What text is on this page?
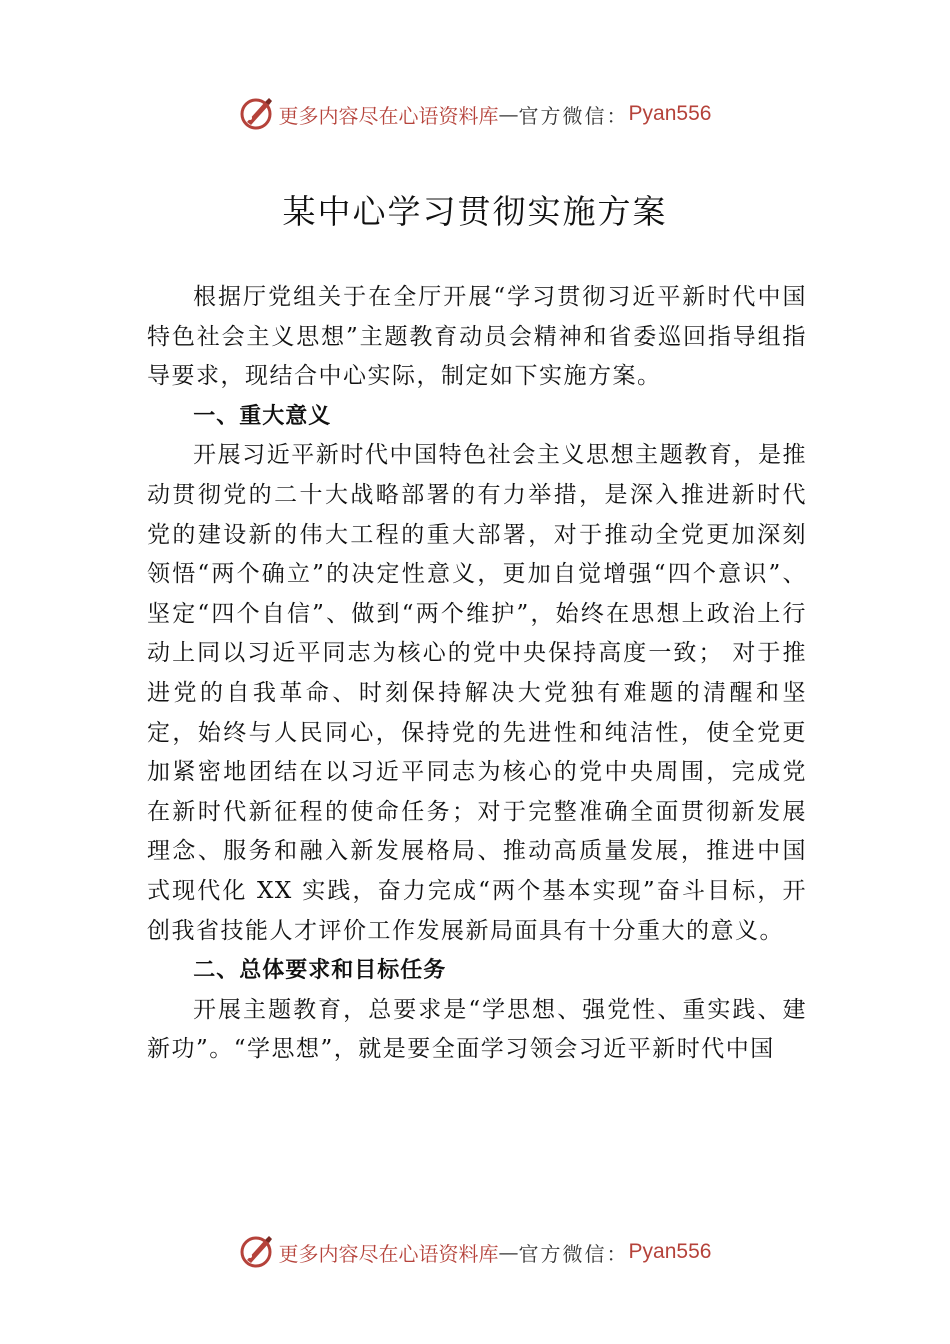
更多内容尽在心语资料库 — 官方微信： Pyan556
某中心学习贯彻实施方案

根据厅党组关于在全厅开展“学习贯彻习近平新时代中国特色社会主义思想”主题教育动员会精神和省委巡回指导组指导要求，现结合中心实际，制定如下实施方案。

一、重大意义

开展习近平新时代中国特色社会主义思想主题教育，是推动贯彻党的二十大战略部署的有力举措，是深入推进新时代党的建设新的伟大工程的重大部署，对于推动全党更加深刻领悟“两个确立”的决定性意义，更加自觉增强“四个意识”、坚定“四个自信”、做到“两个维护”，始终在思想上政治上行动上同以习近平同志为核心的党中央保持高度一致； 对于推进党的自我革命、时刻保持解决大党独有难题的清醒和坚定，始终与人民同心，保持党的先进性和纯洁性，使全党更加紧密地团结在以习近平同志为核心的党中央周围，完成党在新时代新征程的使命任务；对于完整准确全面贯彻新发展理念、服务和融入新发展格局、推动高质量发展，推进中国式现代化 XX 实践，奋力完成“两个基本实现”奋斗目标，开创我省技能人才评价工作发展新局面具有十分重大的意义。

二、总体要求和目标任务

开展主题教育，总要求是“学思想、强党性、重实践、建新功”。“学思想”，就是要全面学习领会习近平新时代中国

更多内容尽在心语资料库 — 官方微信： Pyan556
